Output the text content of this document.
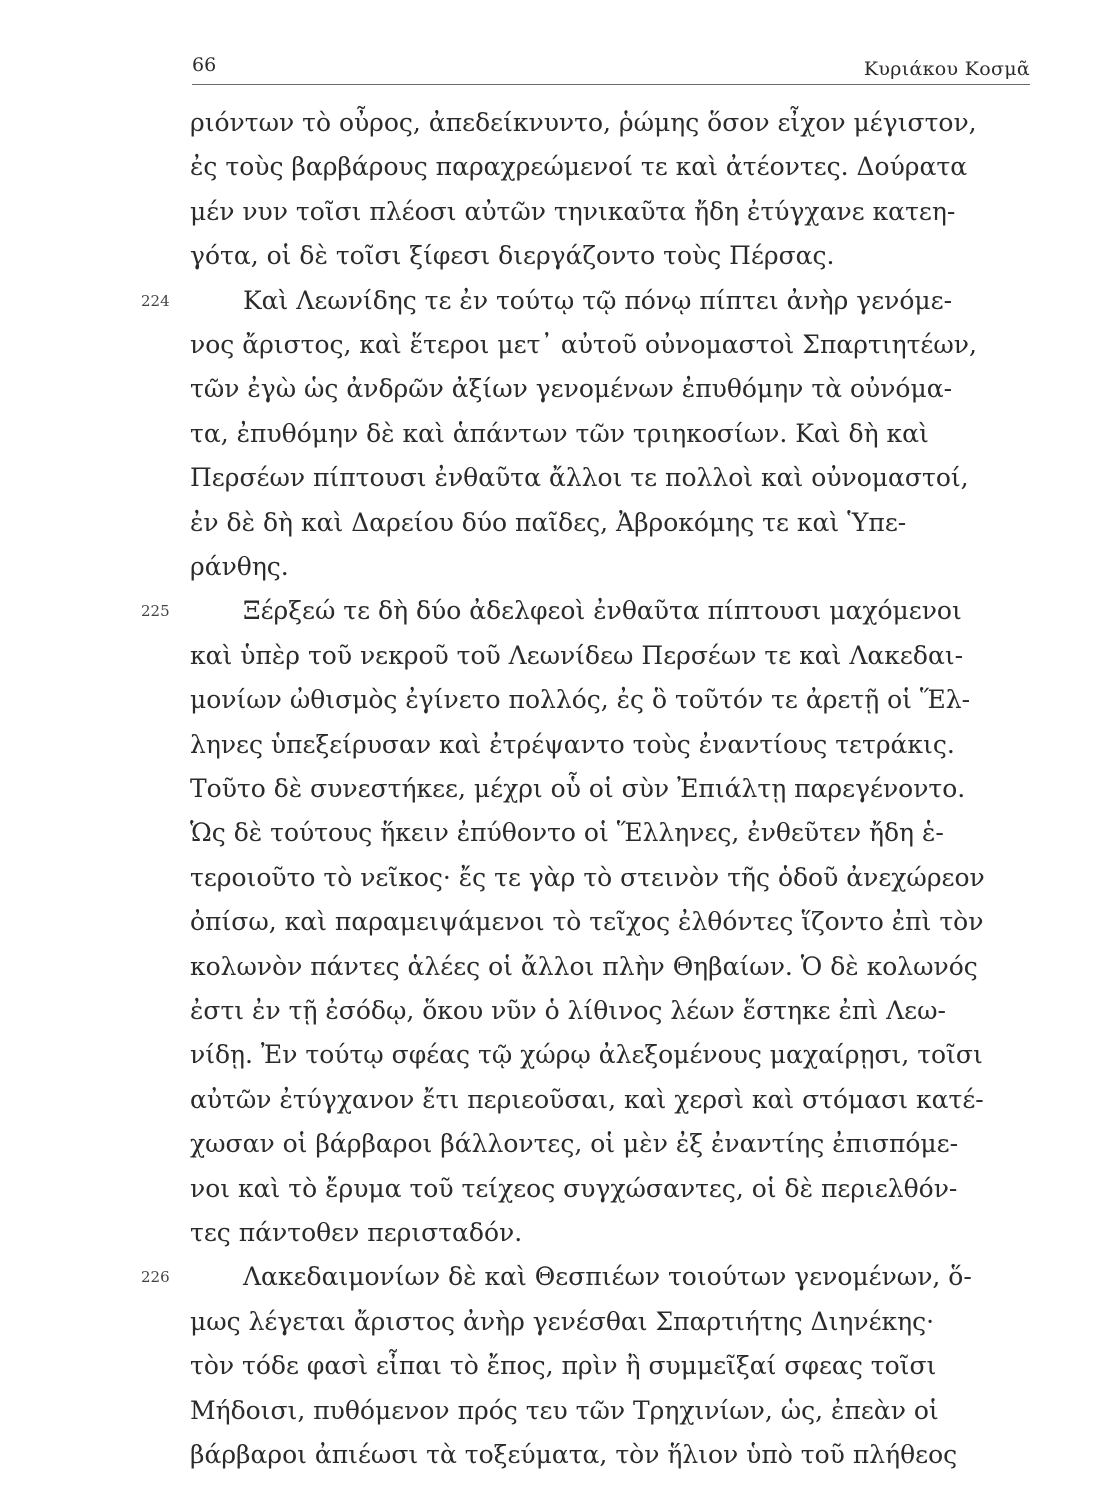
66	Κυριάκου Κοσμᾶ
ριόντων τὸ οὖρος, ἀπεδείκνυντο, ῥώμης ὅσον εἶχον μέγιστον,
ἐς τοὺς βαρβάρους παραχρεώμενοί τε καὶ ἀτέοντες. Δούρατα
μέν νυν τοῖσι πλέοσι αὐτῶν τηνικαῦτα ἤδη ἐτύγχανε κατεη-
γότα, οἱ δὲ τοῖσι ξίφεσι διεργάζοντο τοὺς Πέρσας.
224	Καὶ Λεωνίδης τε ἐν τούτῳ τῷ πόνῳ πίπτει ἀνὴρ γενόμε-
νος ἄριστος, καὶ ἕτεροι μετ᾽ αὐτοῦ οὐνομαστοὶ Σπαρτιητέων,
τῶν ἐγὼ ὡς ἀνδρῶν ἀξίων γενομένων ἐπυθόμην τὰ οὐνόμα-
τα, ἐπυθόμην δὲ καὶ ἁπάντων τῶν τριηκοσίων. Καὶ δὴ καὶ
Περσέων πίπτουσι ἐνθαῦτα ἄλλοι τε πολλοὶ καὶ οὐνομαστοί,
ἐν δὲ δὴ καὶ Δαρείου δύο παῖδες, Ἀβροκόμης τε καὶ Ὑπε-
ράνθης.
225	Ξέρξεώ τε δὴ δύο ἀδελφεοὶ ἐνθαῦτα πίπτουσι μαχόμενοι
καὶ ὑπὲρ τοῦ νεκροῦ τοῦ Λεωνίδεω Περσέων τε καὶ Λακεδαι-
μονίων ὠθισμὸς ἐγίνετο πολλός, ἐς ὃ τοῦτόν τε ἀρετῇ οἱ Ἕλ-
ληνες ὑπεξείρυσαν καὶ ἐτρέψαντο τοὺς ἐναντίους τετράκις.
Τοῦτο δὲ συνεστήκεε, μέχρι οὗ οἱ σὺν Ἐπιάλτῃ παρεγένοντο.
Ὡς δὲ τούτους ἥκειν ἐπύθοντο οἱ Ἕλληνες, ἐνθεῦτεν ἤδη ἑ-
τεροιοῦτο τὸ νεῖκος· ἔς τε γὰρ τὸ στεινὸν τῆς ὁδοῦ ἀνεχώρεον
ὀπίσω, καὶ παραμειψάμενοι τὸ τεῖχος ἐλθόντες ἵζοντο ἐπὶ τὸν
κολωνὸν πάντες ἁλέες οἱ ἄλλοι πλὴν Θηβαίων. Ὁ δὲ κολωνός
ἐστι ἐν τῇ ἐσόδῳ, ὅκου νῦν ὁ λίθινος λέων ἕστηκε ἐπὶ Λεω-
νίδῃ. Ἐν τούτῳ σφέας τῷ χώρῳ ἀλεξομένους μαχαίρῃσι, τοῖσι
αὐτῶν ἐτύγχανον ἔτι περιεοῦσαι, καὶ χερσὶ καὶ στόμασι κατέ-
χωσαν οἱ βάρβαροι βάλλοντες, οἱ μὲν ἐξ ἐναντίης ἐπισπόμε-
νοι καὶ τὸ ἔρυμα τοῦ τείχεος συγχώσαντες, οἱ δὲ περιελθόν-
τες πάντοθεν περισταδόν.
226	Λακεδαιμονίων δὲ καὶ Θεσπιέων τοιούτων γενομένων, ὅ-
μως λέγεται ἄριστος ἀνὴρ γενέσθαι Σπαρτιήτης Διηνέκης·
τὸν τόδε φασὶ εἶπαι τὸ ἔπος, πρὶν ἢ συμμεῖξαί σφεας τοῖσι
Μήδοισι, πυθόμενον πρός τευ τῶν Τρηχινίων, ὡς, ἐπεὰν οἱ
βάρβαροι ἀπιέωσι τὰ τοξεύματα, τὸν ἥλιον ὑπὸ τοῦ πλήθεος
